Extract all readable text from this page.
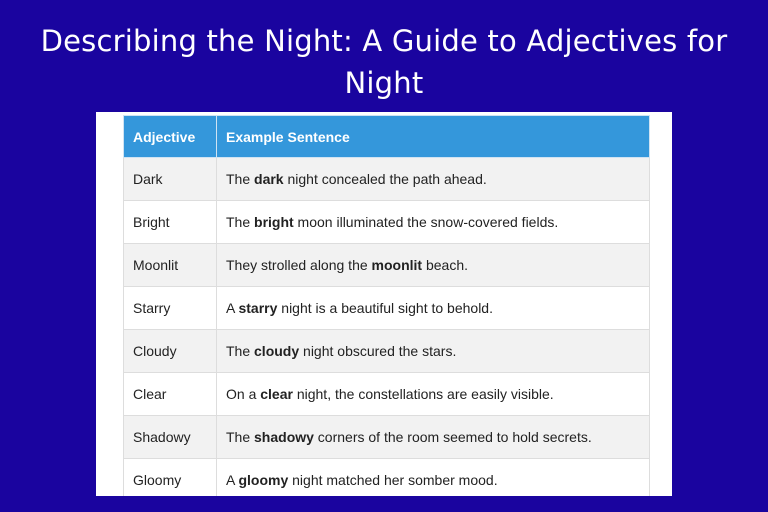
Describing the Night: A Guide to Adjectives for Night
Adjective	Example Sentence
Dark	The dark night concealed the path ahead.
Bright	The bright moon illuminated the snow-covered fields.
Moonlit	They strolled along the moonlit beach.
Starry	A starry night is a beautiful sight to behold.
Cloudy	The cloudy night obscured the stars.
Clear	On a clear night, the constellations are easily visible.
Shadowy	The shadowy corners of the room seemed to hold secrets.
Gloomy	A gloomy night matched her somber mood.
